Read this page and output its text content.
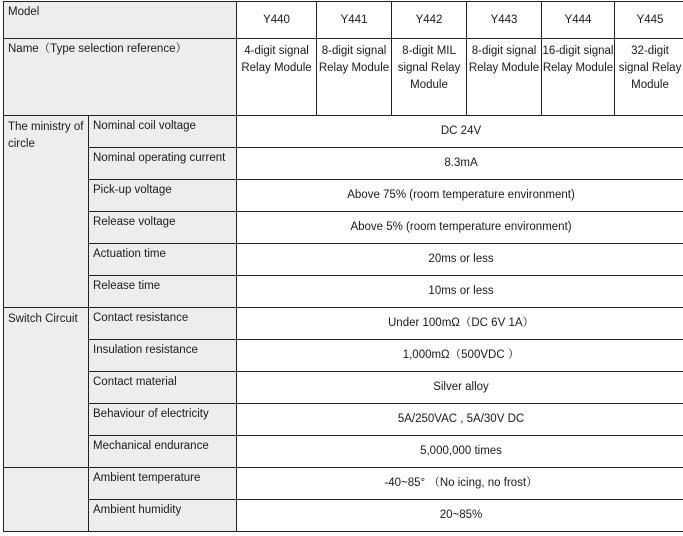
Model		Y440	Y441	Y442	Y443	Y444	Y445
Name（Type selection reference）		4-digit signal Relay Module	8-digit signal Relay Module	8-digit MIL signal Relay Module	8-digit signal Relay Module	16-digit signal Relay Module	32-digit signal Relay Module
The ministry of circle	Nominal coil voltage	DC 24V					
	Nominal operating current	8.3mA					
	Pick-up voltage	Above 75% (room temperature environment)					
	Release voltage	Above 5% (room temperature environment)					
	Actuation time	20ms or less					
	Release time	10ms or less					
Switch Circuit	Contact resistance	Under 100mΩ（DC 6V 1A）					
	Insulation resistance	1,000mΩ（500VDC ）					
	Contact material	Silver alloy					
	Behaviour of electricity	5A/250VAC , 5A/30V DC					
	Mechanical endurance	5,000,000 times					
	Ambient temperature	-40~85° （No icing, no frost）					
	Ambient humidity	20~85%					
